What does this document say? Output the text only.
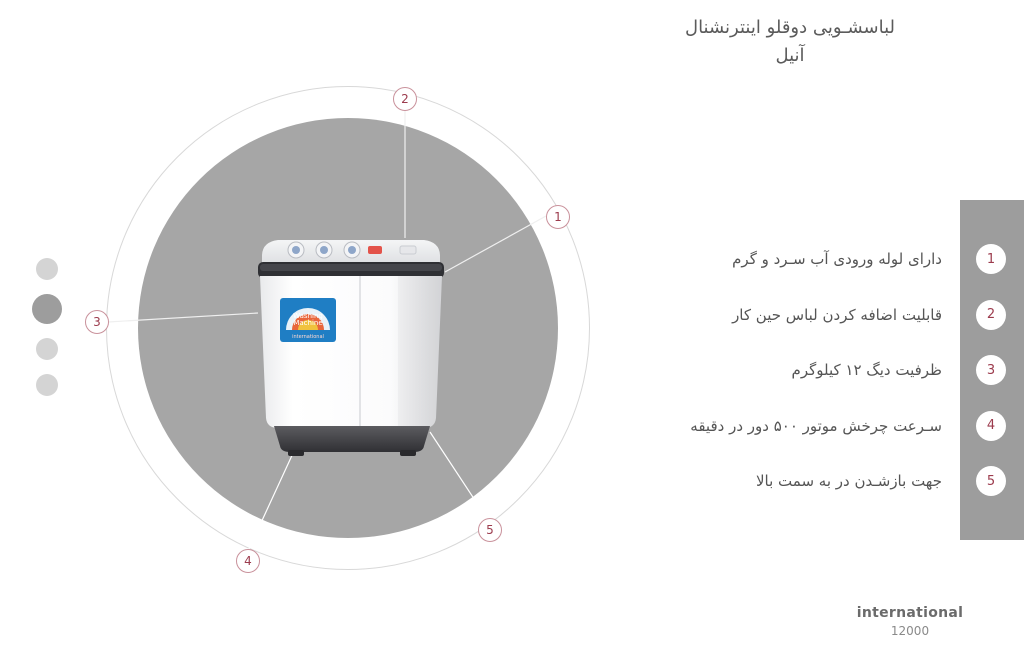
لباسشـویی دوقلو اینترنشنال
آنیل
1
2
3
4
5
Washing
Machine
international
1
2
3
4
5
دارای لوله ورودی آب سـرد و گرم
قابلیت اضافه کردن لباس حین کار
ظرفیت دیگ ۱۲ کیلوگرم
سـرعت چرخش موتور ۵۰۰ دور در دقیقه
جهت بازشـدن در به سمت بالا
international
12000
